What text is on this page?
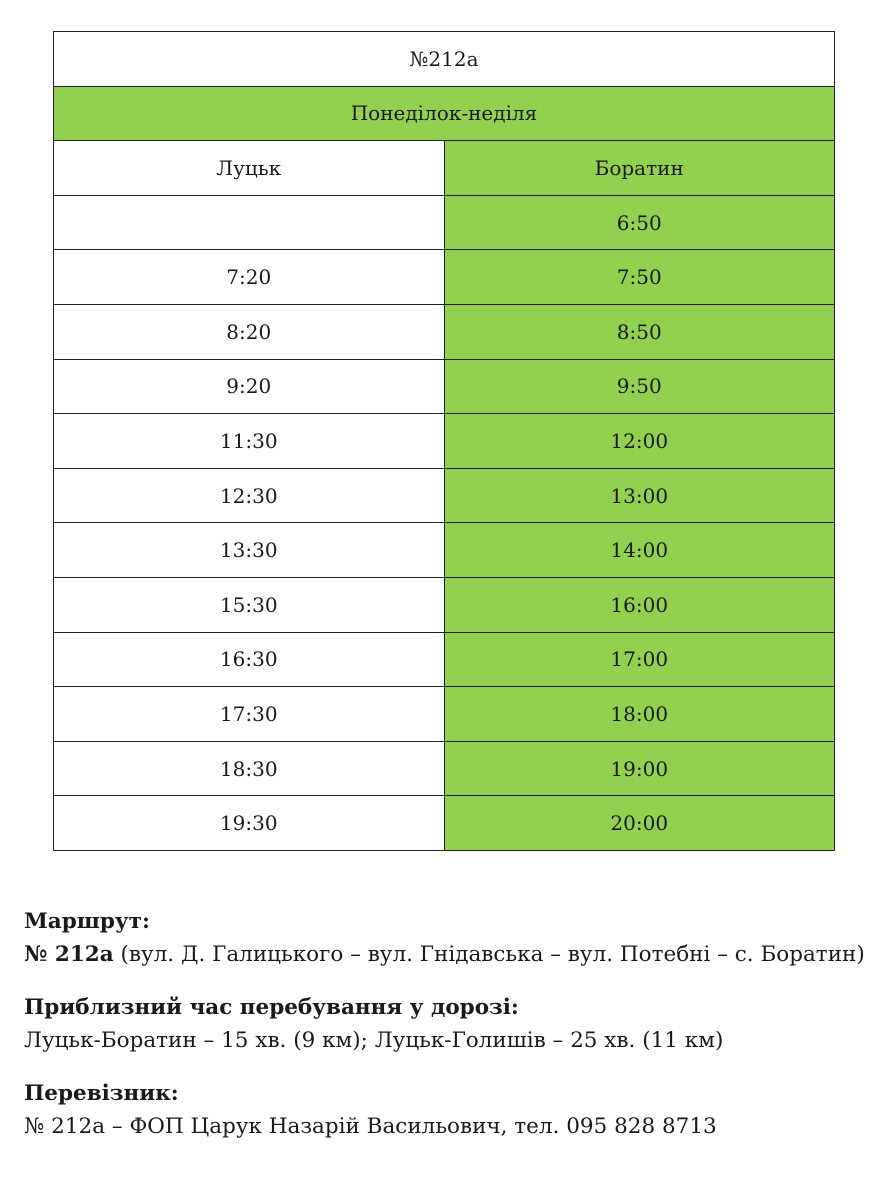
№212а	
Понеділок-неділя	
Луцьк	Боратин
	6:50
7:20	7:50
8:20	8:50
9:20	9:50
11:30	12:00
12:30	13:00
13:30	14:00
15:30	16:00
16:30	17:00
17:30	18:00
18:30	19:00
19:30	20:00
Маршрут:
№ 212а (вул. Д. Галицького – вул. Гнідавська – вул. Потебні – с. Боратин)
Приблизний час перебування у дорозі:
Луцьк-Боратин – 15 хв. (9 км); Луцьк-Голишів – 25 хв. (11 км)
Перевізник:
№ 212а – ФОП Царук Назарій Васильович, тел. 095 828 8713
